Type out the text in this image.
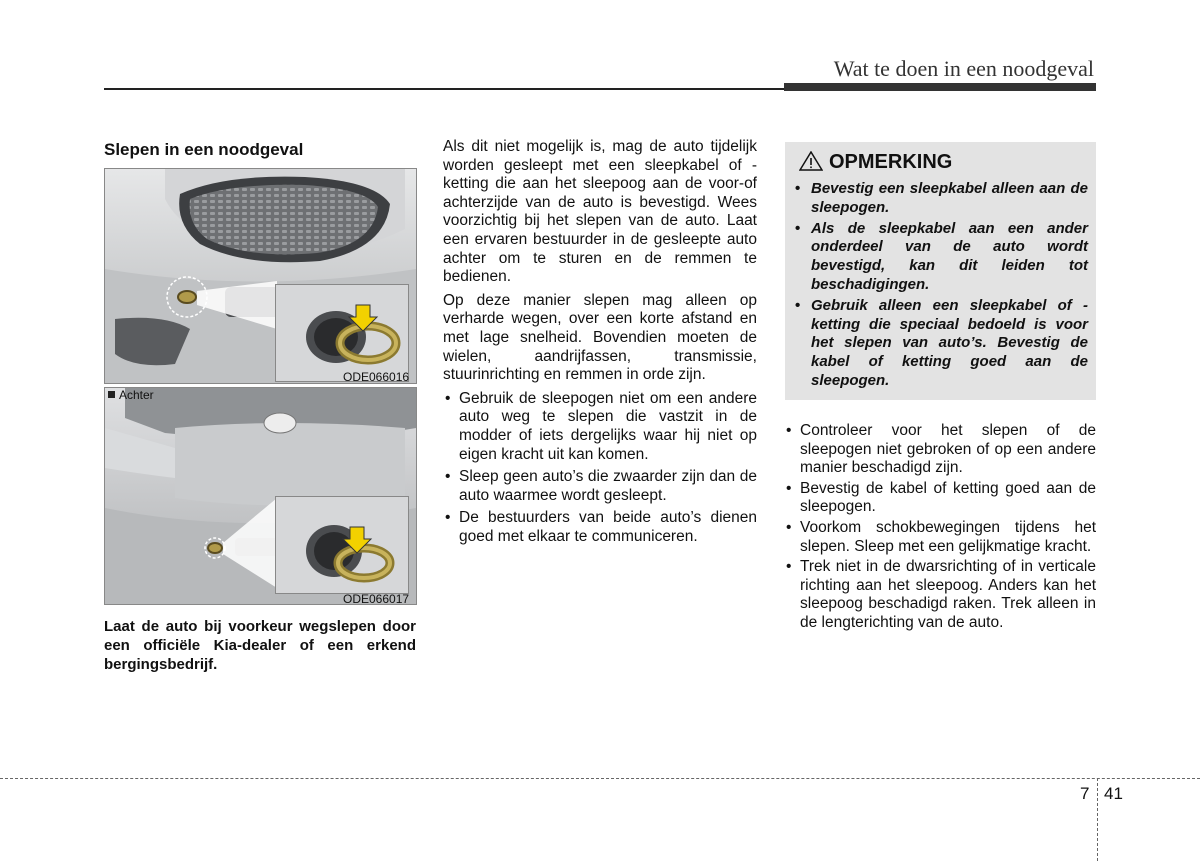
Wat te doen in een noodgeval
Slepen in een noodgeval
ODE066016
Achter
ODE066017
Laat de auto bij voorkeur wegslepen door een officiële Kia-dealer of een erkend bergingsbedrijf.

Als dit niet mogelijk is, mag de auto tijdelijk worden gesleept met een sleepkabel of -ketting die aan het sleepoog aan de voor-of achterzijde van de auto is bevestigd. Wees voorzichtig bij het slepen van de auto. Laat een ervaren bestuurder in de gesleepte auto achter om te sturen en de remmen te bedienen.

Op deze manier slepen mag alleen op verharde wegen, over een korte afstand en met lage snelheid. Bovendien moeten de wielen, aandrijfassen, transmissie, stuurinrichting en remmen in orde zijn.

• Gebruik de sleepogen niet om een andere auto weg te slepen die vastzit in de modder of iets dergelijks waar hij niet op eigen kracht uit kan komen.
• Sleep geen auto’s die zwaarder zijn dan de auto waarmee wordt gesleept.
• De bestuurders van beide auto’s dienen goed met elkaar te communiceren.
OPMERKING
• Bevestig een sleepkabel alleen aan de sleepogen.
• Als de sleepkabel aan een ander onderdeel van de auto wordt bevestigd, kan dit leiden tot beschadigingen.
• Gebruik alleen een sleepkabel of -ketting die speciaal bedoeld is voor het slepen van auto’s. Bevestig de kabel of ketting goed aan de sleepogen.
• Controleer voor het slepen of de sleepogen niet gebroken of op een andere manier beschadigd zijn.
• Bevestig de kabel of ketting goed aan de sleepogen.
• Voorkom schokbewegingen tijdens het slepen. Sleep met een gelijkmatige kracht.
• Trek niet in de dwarsrichting of in verticale richting aan het sleepoog. Anders kan het sleepoog beschadigd raken. Trek alleen in de lengterichting van de auto.
7 41
